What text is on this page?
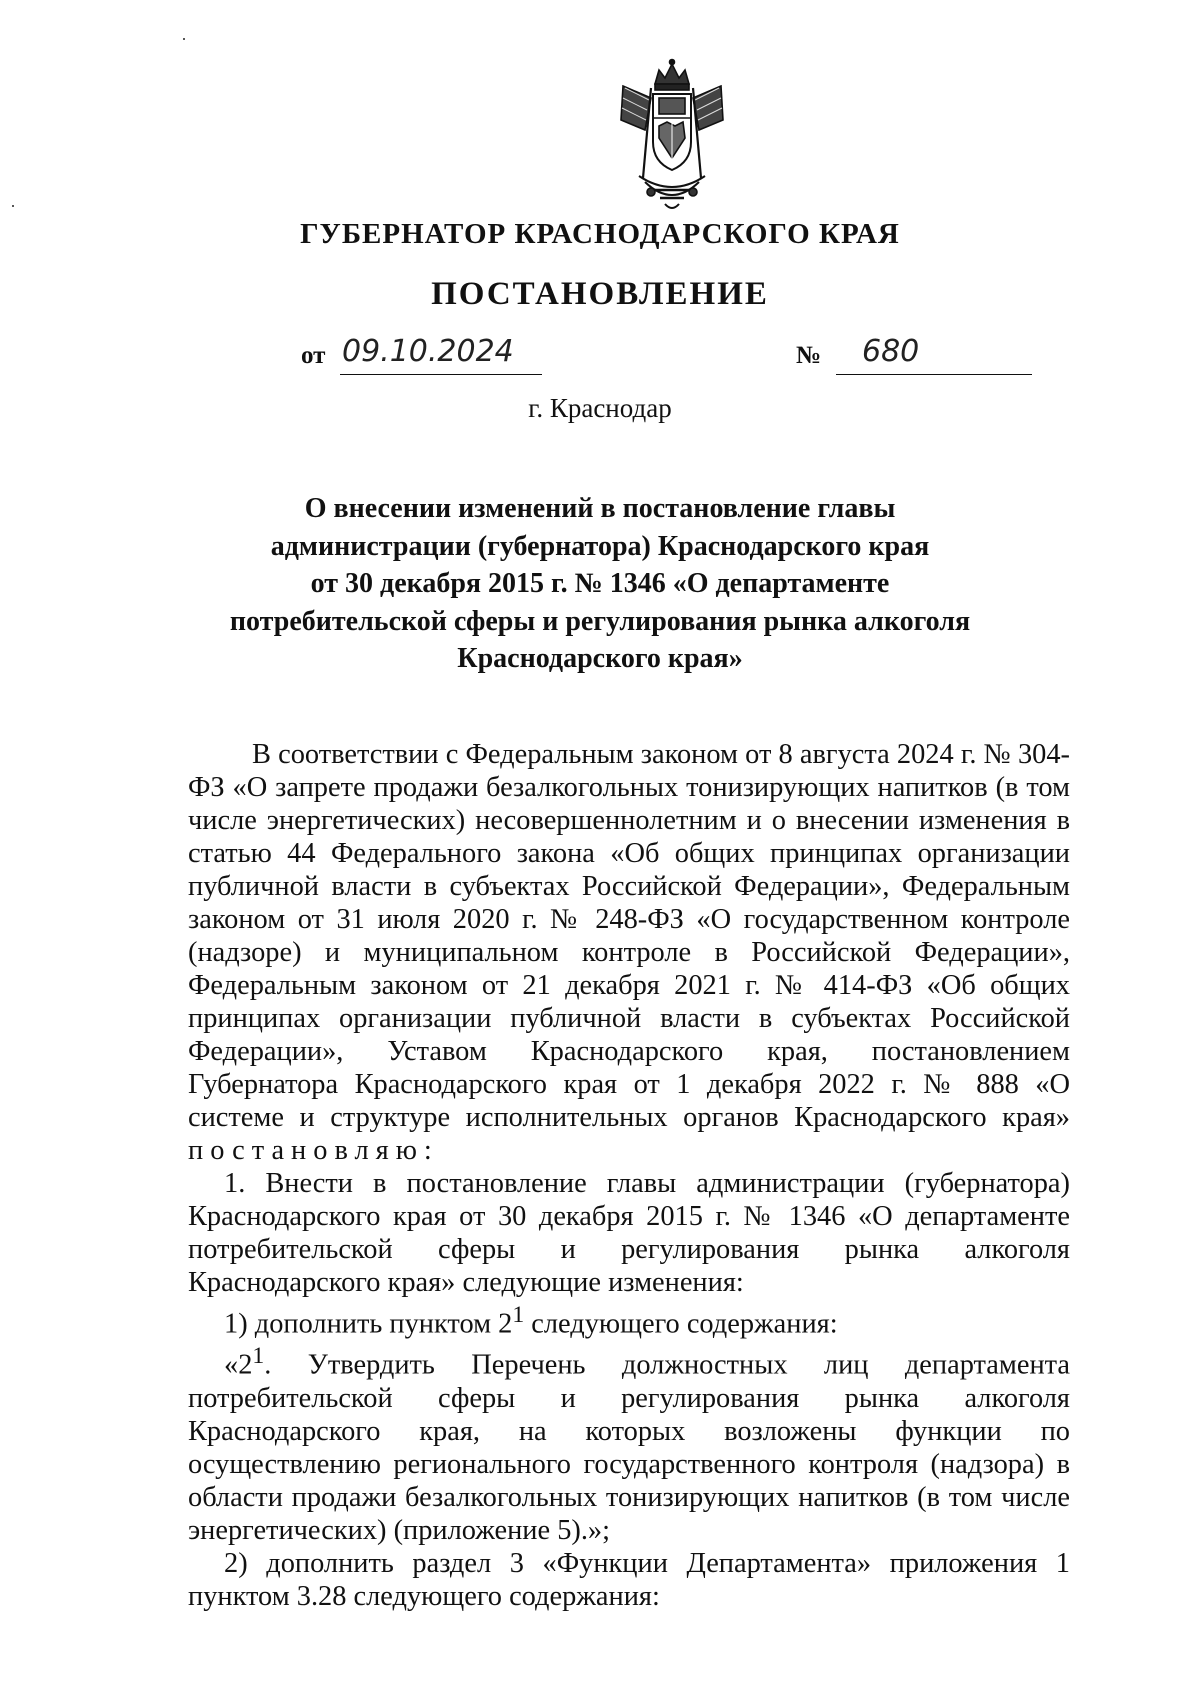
ГУБЕРНАТОР КРАСНОДАРСКОГО КРАЯ
ПОСТАНОВЛЕНИЕ
от 09.10.2024	№ 680
г. Краснодар
О внесении изменений в постановление главы
администрации (губернатора) Краснодарского края
от 30 декабря 2015 г. № 1346 «О департаменте
потребительской сферы и регулирования рынка алкоголя
Краснодарского края»

В соответствии с Федеральным законом от 8 августа 2024 г. № 304-ФЗ «О запрете продажи безалкогольных тонизирующих напитков (в том числе энергетических) несовершеннолетним и о внесении изменения в статью 44 Федерального закона «Об общих принципах организации публичной власти в субъектах Российской Федерации», Федеральным законом от 31 июля 2020 г. № 248-ФЗ «О государственном контроле (надзоре) и муниципальном контроле в Российской Федерации», Федеральным законом от 21 декабря 2021 г. № 414-ФЗ «Об общих принципах организации публичной власти в субъектах Российской Федерации», Уставом Краснодарского края, постановлением Губернатора Краснодарского края от 1 декабря 2022 г. № 888 «О системе и структуре исполнительных органов Краснодарского края» постановляю:

1. Внести в постановление главы администрации (губернатора) Краснодарского края от 30 декабря 2015 г. № 1346 «О департаменте потребительской сферы и регулирования рынка алкоголя Краснодарского края» следующие изменения:

1) дополнить пунктом $2^1$ следующего содержания:

«$2^1$. Утвердить Перечень должностных лиц департамента потребительской сферы и регулирования рынка алкоголя Краснодарского края, на которых возложены функции по осуществлению регионального государственного контроля (надзора) в области продажи безалкогольных тонизирующих напитков (в том числе энергетических) (приложение 5).»;

2) дополнить раздел 3 «Функции Департамента» приложения 1 пунктом 3.28 следующего содержания:
